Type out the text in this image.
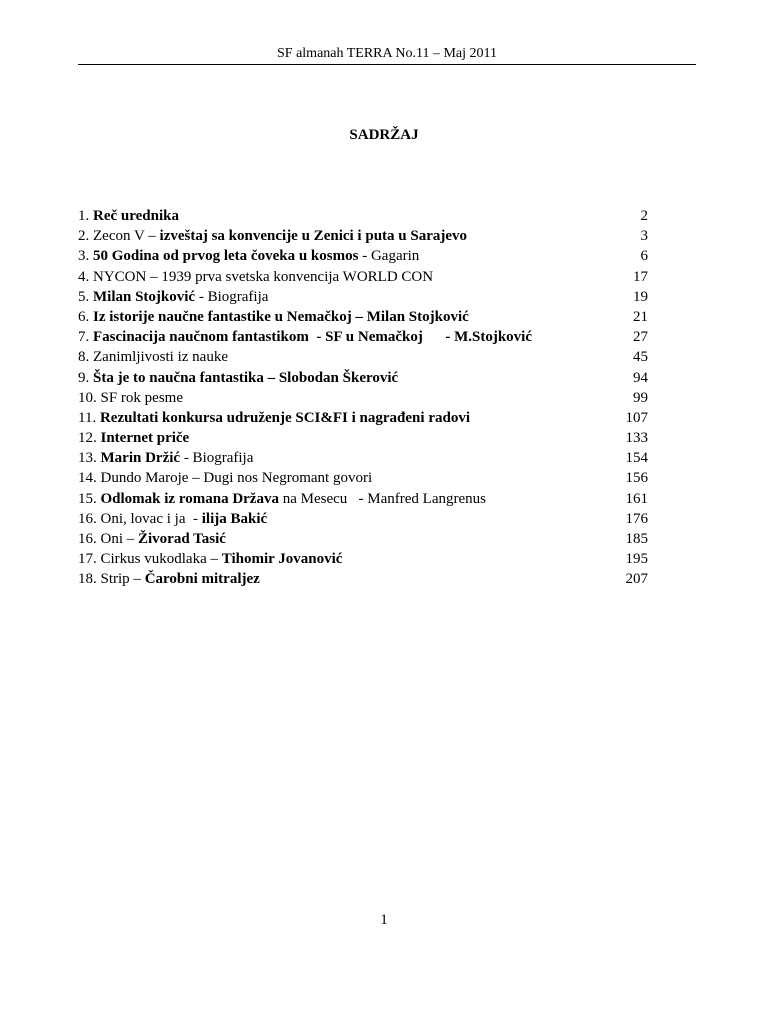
SF almanah TERRA No.11 – Maj 2011
SADRŽAJ
1. Reč urednika	2
2. Zecon V – izveštaj sa konvencije u Zenici i puta u Sarajevo	3
3. 50 Godina od prvog leta čoveka u kosmos - Gagarin	6
4. NYCON – 1939 prva svetska konvencija WORLD CON	17
5. Milan Stojković - Biografija	19
6. Iz istorije naučne fantastike u Nemačkoj – Milan Stojković	21
7. Fascinacija naučnom fantastikom  - SF u Nemačkoj      - M.Stojković	27
8. Zanimljivosti iz nauke	45
9. Šta je to naučna fantastika – Slobodan Škerović	94
10. SF rok pesme	99
11. Rezultati konkursa udruženje SCI&FI i nagrađeni radovi	107
12. Internet priče	133
13. Marin Držić - Biografija	154
14. Dundo Maroje – Dugi nos Negromant govori	156
15. Odlomak iz romana Država na Mesecu   - Manfred Langrenus	161
16. Oni, lovac i ja  - ilija Bakić	176
16. Oni – Živorad Tasić	185
17. Cirkus vukodlaka – Tihomir Jovanović	195
18. Strip – Čarobni mitraljez	207
1
